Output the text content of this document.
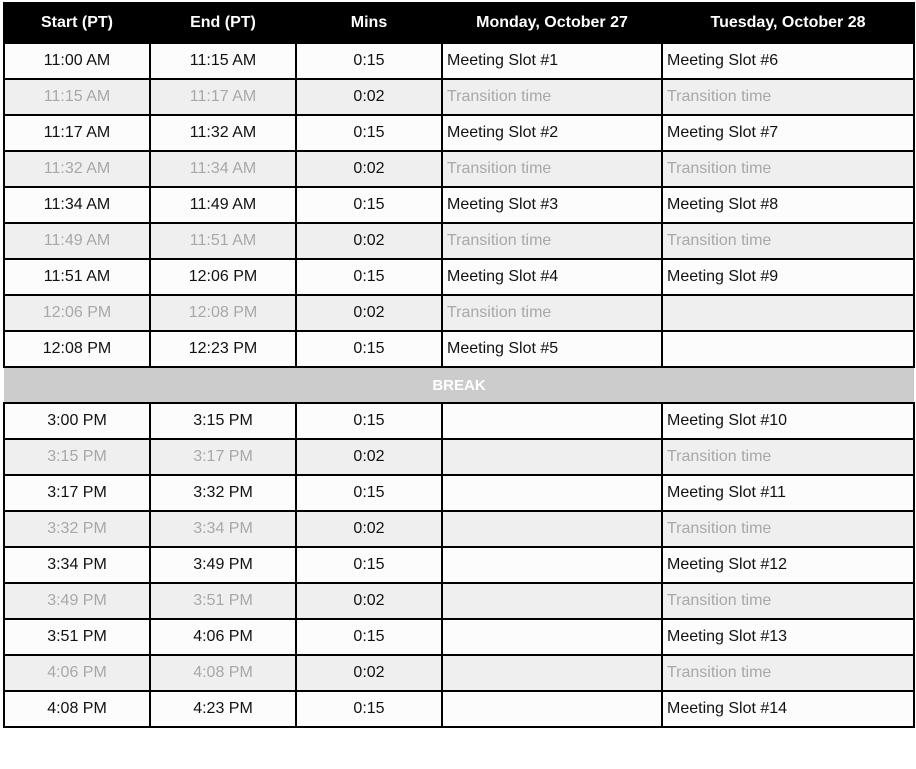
Start (PT)	End (PT)	Mins	Monday, October 27	Tuesday, October 28
11:00 AM	11:15 AM	0:15	Meeting Slot #1	Meeting Slot #6
11:15 AM	11:17 AM	0:02	Transition time	Transition time
11:17 AM	11:32 AM	0:15	Meeting Slot #2	Meeting Slot #7
11:32 AM	11:34 AM	0:02	Transition time	Transition time
11:34 AM	11:49 AM	0:15	Meeting Slot #3	Meeting Slot #8
11:49 AM	11:51 AM	0:02	Transition time	Transition time
11:51 AM	12:06 PM	0:15	Meeting Slot #4	Meeting Slot #9
12:06 PM	12:08 PM	0:02	Transition time	
12:08 PM	12:23 PM	0:15	Meeting Slot #5	
BREAK				
3:00 PM	3:15 PM	0:15		Meeting Slot #10
3:15 PM	3:17 PM	0:02		Transition time
3:17 PM	3:32 PM	0:15		Meeting Slot #11
3:32 PM	3:34 PM	0:02		Transition time
3:34 PM	3:49 PM	0:15		Meeting Slot #12
3:49 PM	3:51 PM	0:02		Transition time
3:51 PM	4:06 PM	0:15		Meeting Slot #13
4:06 PM	4:08 PM	0:02		Transition time
4:08 PM	4:23 PM	0:15		Meeting Slot #14
